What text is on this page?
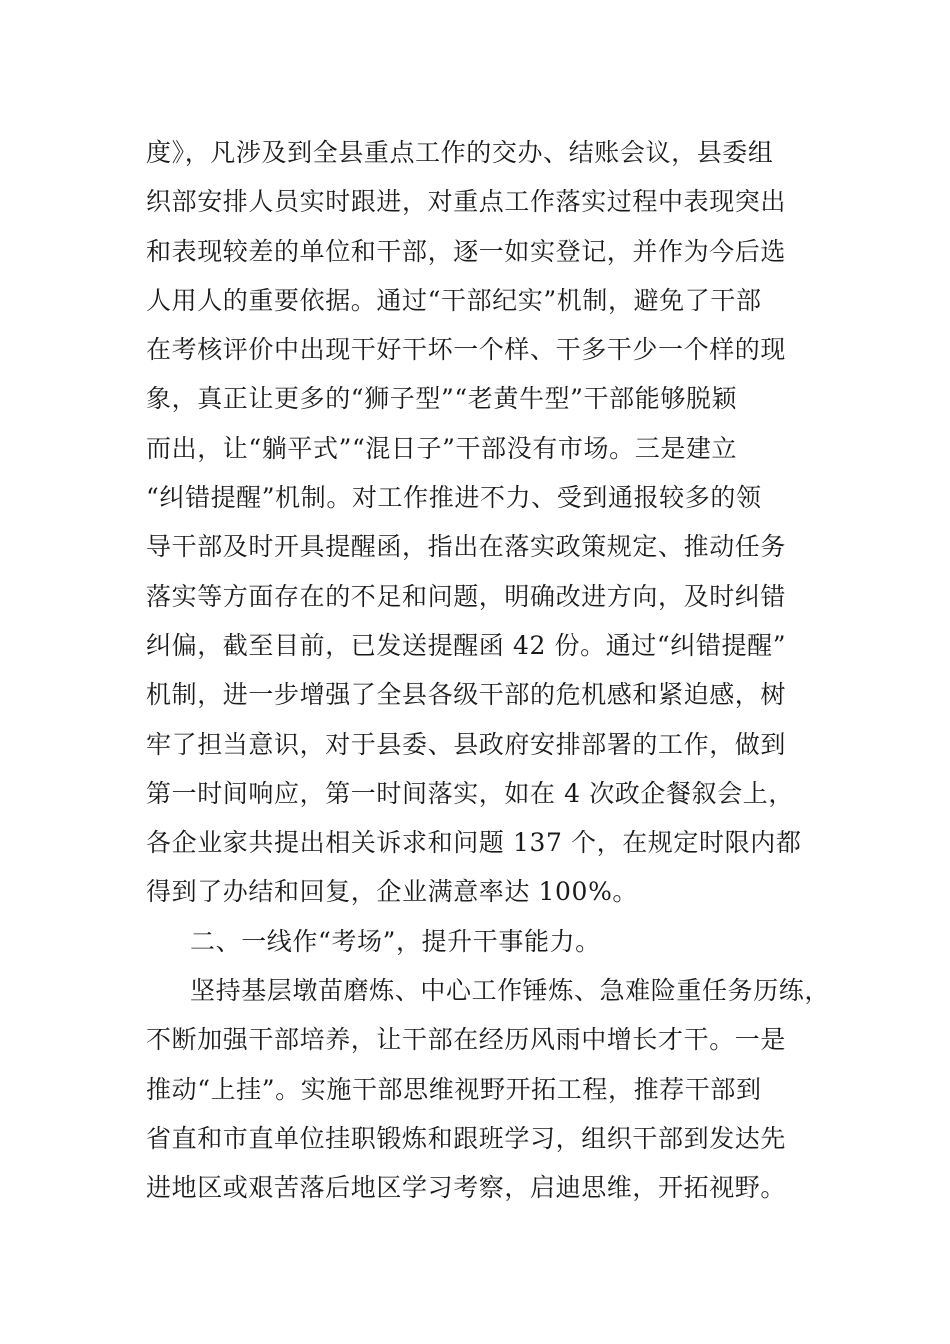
度》，凡涉及到全县重点工作的交办、结账会议，县委组
织部安排人员实时跟进，对重点工作落实过程中表现突出
和表现较差的单位和干部，逐一如实登记，并作为今后选
人用人的重要依据。通过“干部纪实”机制，避免了干部
在考核评价中出现干好干坏一个样、干多干少一个样的现
象，真正让更多的“狮子型”“老黄牛型”干部能够脱颖
而出，让“躺平式”“混日子”干部没有市场。三是建立
“纠错提醒”机制。对工作推进不力、受到通报较多的领
导干部及时开具提醒函，指出在落实政策规定、推动任务
落实等方面存在的不足和问题，明确改进方向，及时纠错
纠偏，截至目前，已发送提醒函 42 份。通过“纠错提醒”
机制，进一步增强了全县各级干部的危机感和紧迫感，树
牢了担当意识，对于县委、县政府安排部署的工作，做到
第一时间响应，第一时间落实，如在 4 次政企餐叙会上，
各企业家共提出相关诉求和问题 137 个，在规定时限内都
得到了办结和回复，企业满意率达 100%。
二、一线作“考场”，提升干事能力。
坚持基层墩苗磨炼、中心工作锤炼、急难险重任务历练，
不断加强干部培养，让干部在经历风雨中增长才干。一是
推动“上挂”。实施干部思维视野开拓工程，推荐干部到
省直和市直单位挂职锻炼和跟班学习，组织干部到发达先
进地区或艰苦落后地区学习考察，启迪思维，开拓视野。
